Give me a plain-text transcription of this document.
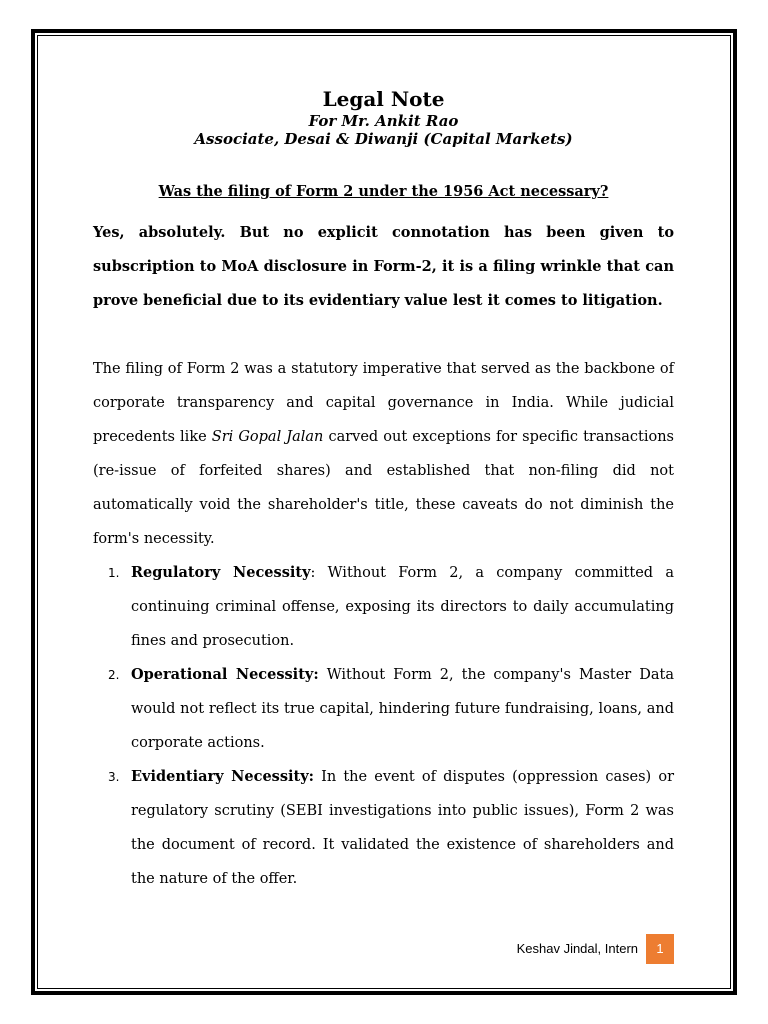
Legal Note
For Mr. Ankit Rao
Associate, Desai & Diwanji (Capital Markets)
Was the filing of Form 2 under the 1956 Act necessary?
Yes, absolutely. But no explicit connotation has been given to subscription to MoA disclosure in Form-2, it is a filing wrinkle that can prove beneficial due to its evidentiary value lest it comes to litigation.
The filing of Form 2 was a statutory imperative that served as the backbone of corporate transparency and capital governance in India. While judicial precedents like Sri Gopal Jalan carved out exceptions for specific transactions (re-issue of forfeited shares) and established that non-filing did not automatically void the shareholder's title, these caveats do not diminish the form's necessity.
1. Regulatory Necessity: Without Form 2, a company committed a continuing criminal offense, exposing its directors to daily accumulating fines and prosecution.
2. Operational Necessity: Without Form 2, the company's Master Data would not reflect its true capital, hindering future fundraising, loans, and corporate actions.
3. Evidentiary Necessity: In the event of disputes (oppression cases) or regulatory scrutiny (SEBI investigations into public issues), Form 2 was the document of record. It validated the existence of shareholders and the nature of the offer.
Keshav Jindal, Intern	1
